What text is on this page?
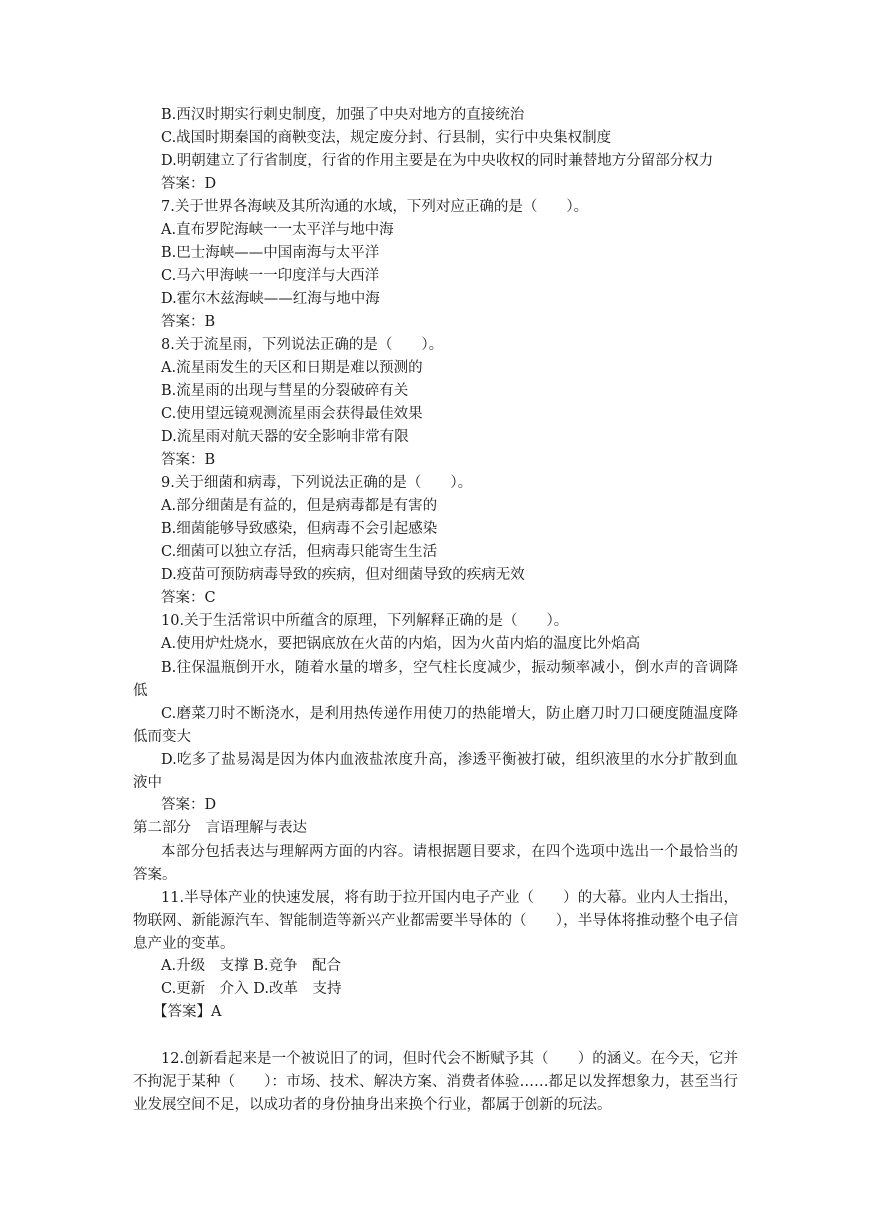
B.西汉时期实行刺史制度，加强了中央对地方的直接统治
C.战国时期秦国的商鞅变法，规定废分封、行县制，实行中央集权制度
D.明朝建立了行省制度，行省的作用主要是在为中央收权的同时兼替地方分留部分权力
答案：D
7.关于世界各海峡及其所沟通的水域，下列对应正确的是（　　）。
A.直布罗陀海峡一一太平洋与地中海
B.巴士海峡——中国南海与太平洋
C.马六甲海峡一一印度洋与大西洋
D.霍尔木兹海峡——红海与地中海
答案：B
8.关于流星雨，下列说法正确的是（　　）。
A.流星雨发生的天区和日期是难以预测的
B.流星雨的出现与彗星的分裂破碎有关
C.使用望远镜观测流星雨会获得最佳效果
D.流星雨对航天器的安全影响非常有限
答案：B
9.关于细菌和病毒，下列说法正确的是（　　）。
A.部分细菌是有益的，但是病毒都是有害的
B.细菌能够导致感染，但病毒不会引起感染
C.细菌可以独立存活，但病毒只能寄生生活
D.疫苗可预防病毒导致的疾病，但对细菌导致的疾病无效
答案：C
10.关于生活常识中所蕴含的原理，下列解释正确的是（　　）。
A.使用炉灶烧水，要把锅底放在火苗的内焰，因为火苗内焰的温度比外焰高
B.往保温瓶倒开水，随着水量的增多，空气柱长度减少，振动频率减小，倒水声的音调降低
C.磨菜刀时不断浇水，是利用热传递作用使刀的热能增大，防止磨刀时刀口硬度随温度降低而变大
D.吃多了盐易渴是因为体内血液盐浓度升高，渗透平衡被打破，组织液里的水分扩散到血液中
答案：D
第二部分　言语理解与表达
本部分包括表达与理解两方面的内容。请根据题目要求，在四个选项中选出一个最恰当的答案。
11.半导体产业的快速发展，将有助于拉开国内电子产业（　　）的大幕。业内人士指出，物联网、新能源汽车、智能制造等新兴产业都需要半导体的（　　），半导体将推动整个电子信息产业的变革。
A.升级　支撑 B.竞争　配合
C.更新　介入 D.改革　支持
【答案】A
12.创新看起来是一个被说旧了的词，但时代会不断赋予其（　　）的涵义。在今天，它并不拘泥于某种（　　）：市场、技术、解决方案、消费者体验……都足以发挥想象力，甚至当行业发展空间不足，以成功者的身份抽身出来换个行业，都属于创新的玩法。
